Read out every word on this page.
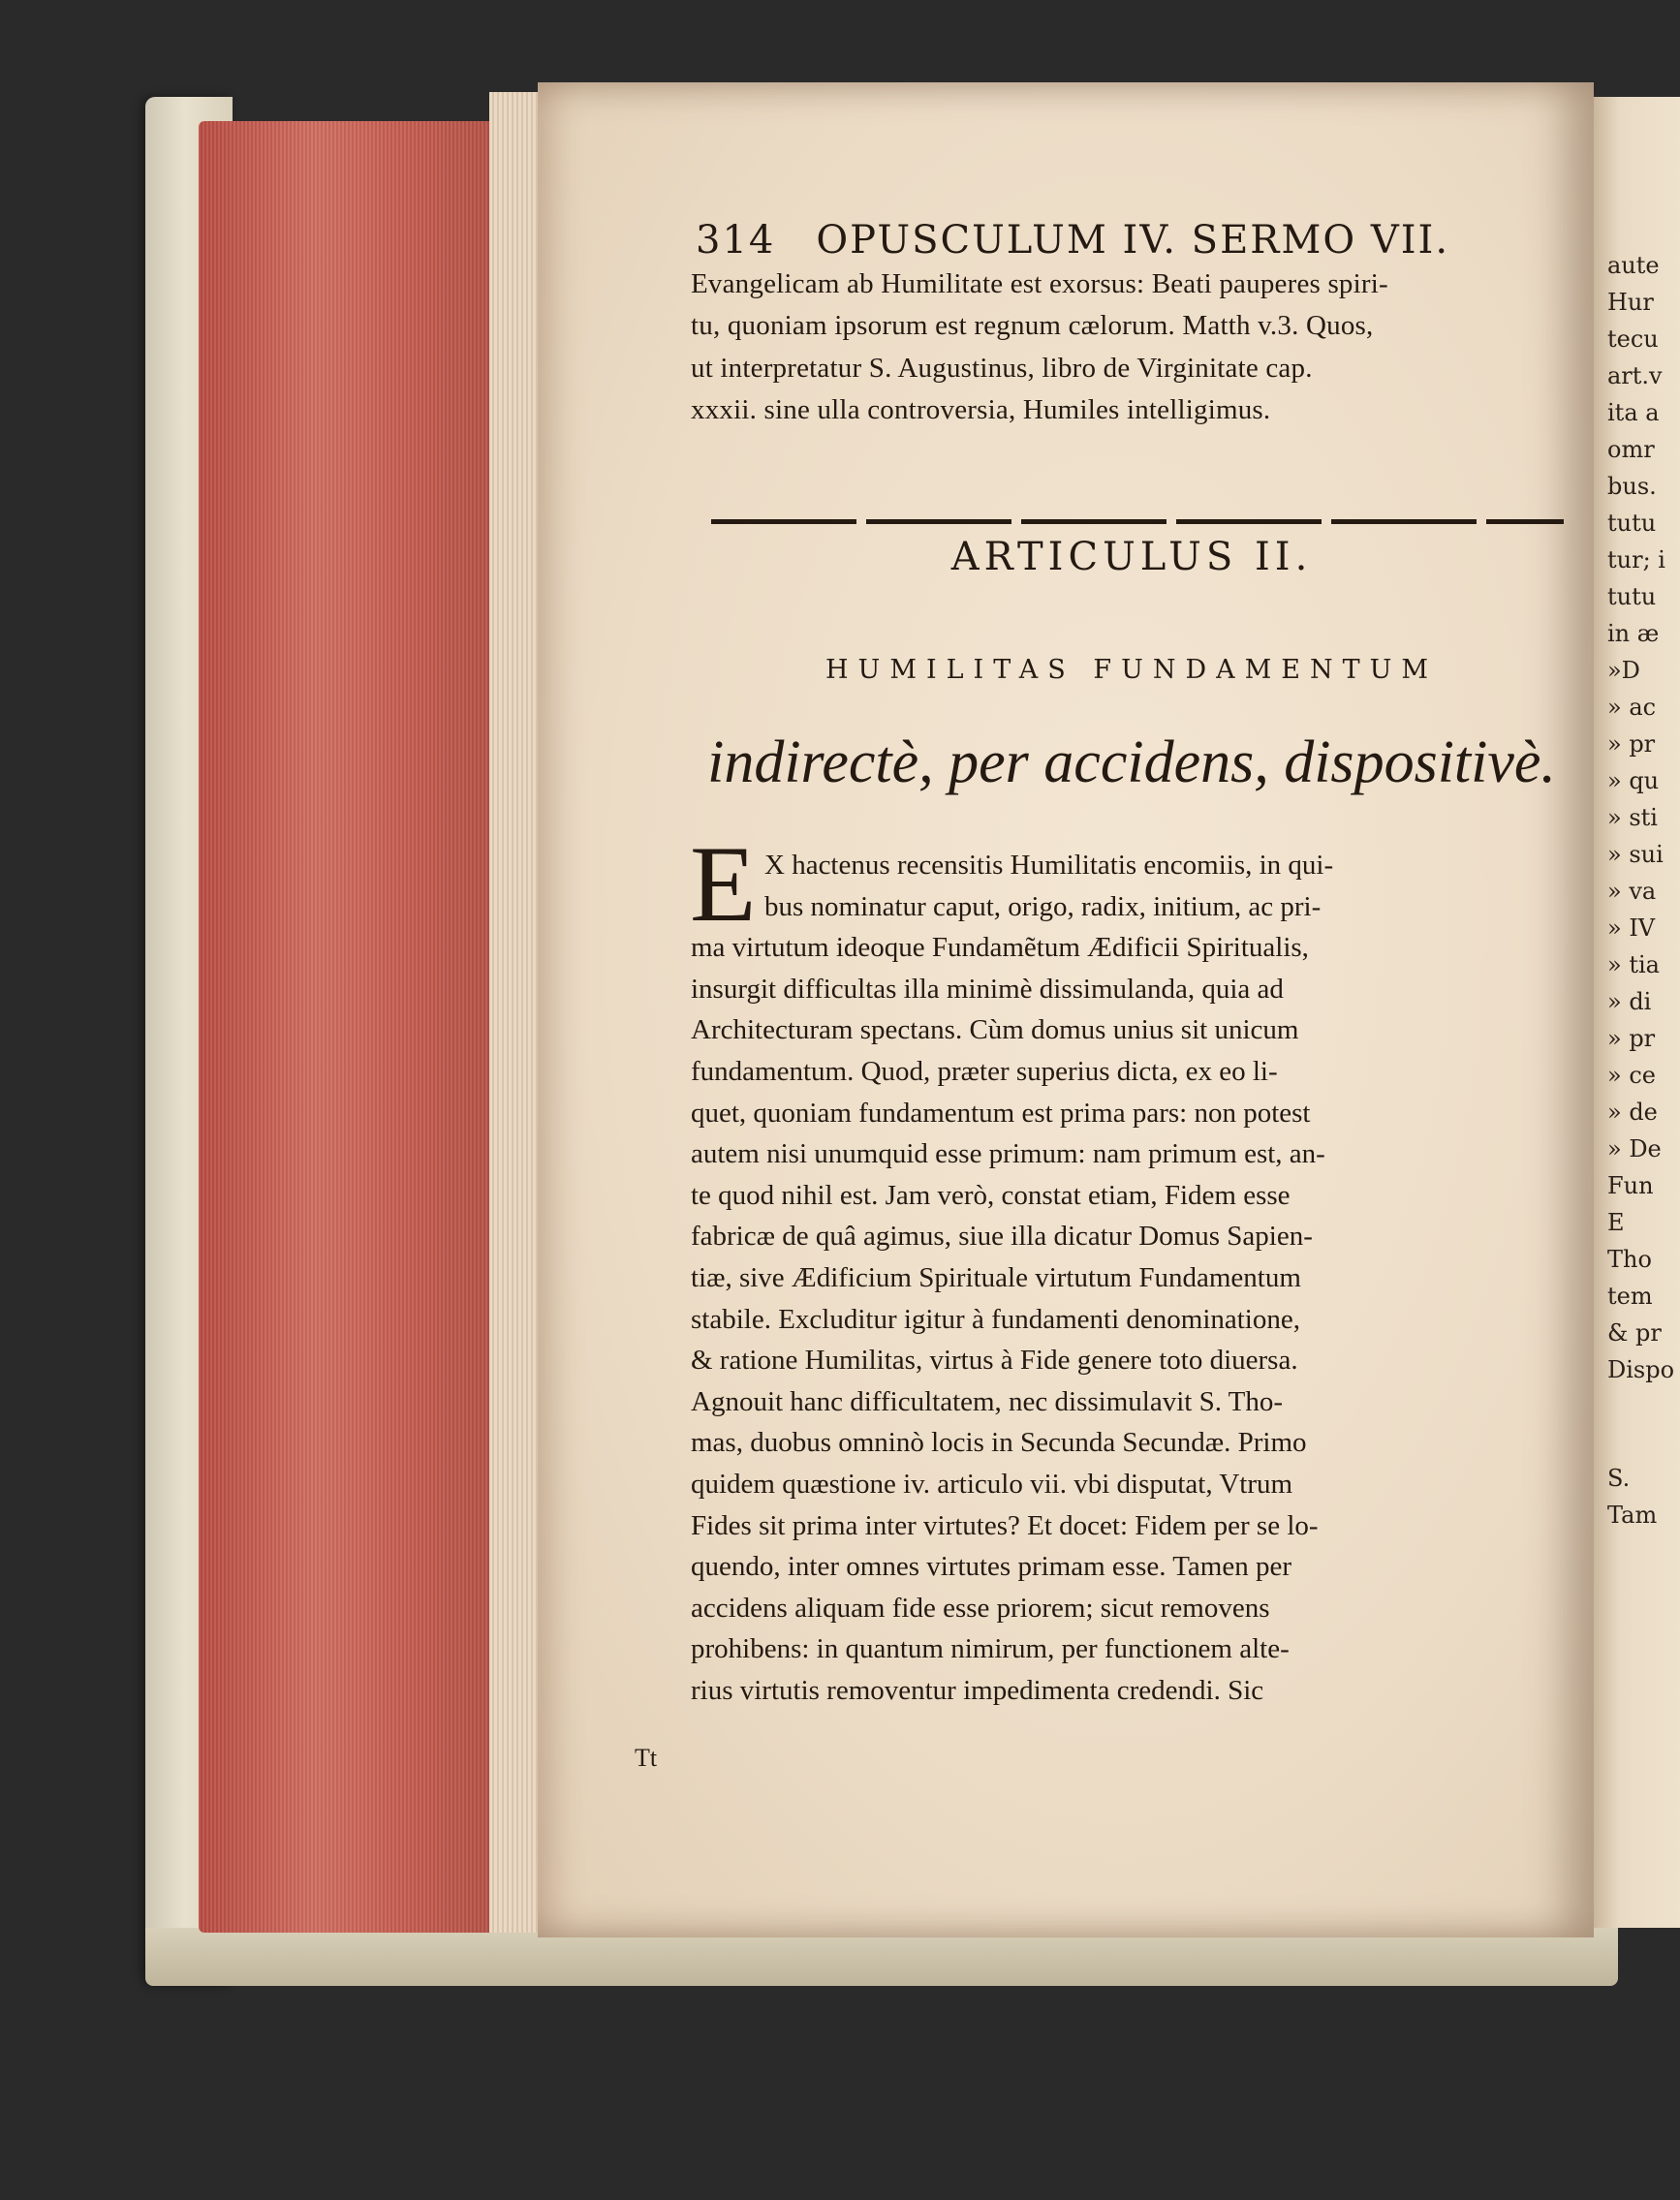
314 OPUSCULUM IV. SERMO VII.
Evangelicam ab Humilitate est exorsus: Beati pauperes spiri-
tu, quoniam ipsorum est regnum cælorum. Matth v.3. Quos,
ut interpretatur S. Augustinus, libro de Virginitate cap.
xxxii. sine ulla controversia, Humiles intelligimus.
ARTICULUS II.
HUMILITAS FUNDAMENTUM
indirectè, per accidens, dispositivè.
E X hactenus recensitis Humilitatis encomiis, in qui-
bus nominatur caput, origo, radix, initium, ac pri-
ma virtutum ideoque Fundamẽtum Ædificii Spiritualis,
insurgit difficultas illa minimè dissimulanda, quia ad
Architecturam spectans. Cùm domus unius sit unicum
fundamentum. Quod, præter superius dicta, ex eo li-
quet, quoniam fundamentum est prima pars: non potest
autem nisi unumquid esse primum: nam primum est, an-
te quod nihil est. Jam verò, constat etiam, Fidem esse
fabricæ de quâ agimus, siue illa dicatur Domus Sapien-
tiæ, sive Ædificium Spirituale virtutum Fundamentum
stabile. Excluditur igitur à fundamenti denominatione,
& ratione Humilitas, virtus à Fide genere toto diuersa.
Agnouit hanc difficultatem, nec dissimulavit S. Tho-
mas, duobus omninò locis in Secunda Secundæ. Primo
quidem quæstione iv. articulo vii. vbi disputat, Vtrum
Fides sit prima inter virtutes? Et docet: Fidem per se lo-
quendo, inter omnes virtutes primam esse. Tamen per
accidens aliquam fide esse priorem; sicut removens
prohibens: in quantum nimirum, per functionem alte-
rius virtutis removentur impedimenta credendi. Sic
Tt
aute
Hur
tecu
art.v
ita a
omr
bus.
tutu
tur; i
tutu
in æ
»D
» ac
» pr
» qu
» sti
» sui
» va
» IV
» tia
» di
» pr
» ce
» de
» De
Fun
E
Tho
tem
& pr
Dispo
S.
Tam
